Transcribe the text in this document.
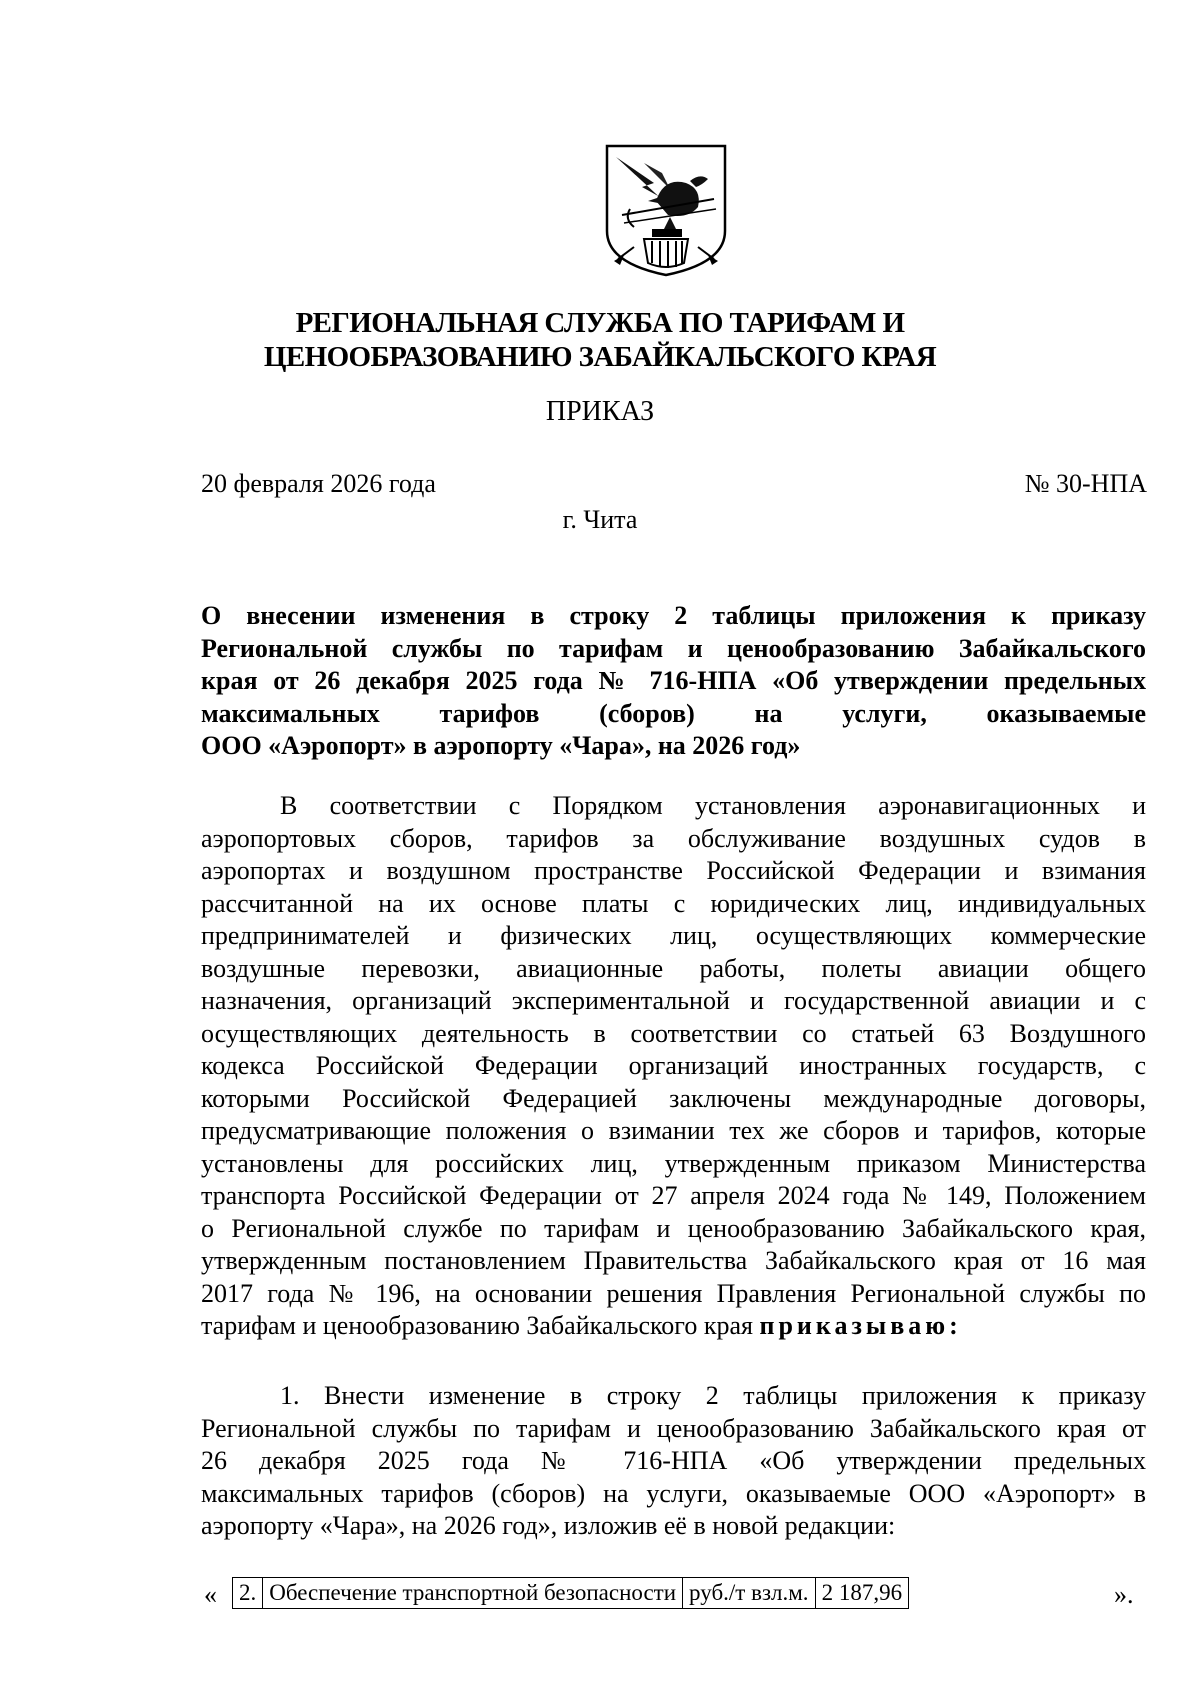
РЕГИОНАЛЬНАЯ СЛУЖБА ПО ТАРИФАМ И
ЦЕНООБРАЗОВАНИЮ ЗАБАЙКАЛЬСКОГО КРАЯ
ПРИКАЗ
20 февраля 2026 года	№ 30-НПА
г. Чита
О внесении изменения в строку 2 таблицы приложения к приказу
Региональной службы по тарифам и ценообразованию Забайкальского
края от 26 декабря 2025 года № 716-НПА «Об утверждении предельных
максимальных тарифов (сборов) на услуги, оказываемые
ООО «Аэропорт» в аэропорту «Чара», на 2026 год»
В соответствии с Порядком установления аэронавигационных и
аэропортовых сборов, тарифов за обслуживание воздушных судов в
аэропортах и воздушном пространстве Российской Федерации и взимания
рассчитанной на их основе платы с юридических лиц, индивидуальных
предпринимателей и физических лиц, осуществляющих коммерческие
воздушные перевозки, авиационные работы, полеты авиации общего
назначения, организаций экспериментальной и государственной авиации и с
осуществляющих деятельность в соответствии со статьей 63 Воздушного
кодекса Российской Федерации организаций иностранных государств, с
которыми Российской Федерацией заключены международные договоры,
предусматривающие положения о взимании тех же сборов и тарифов, которые
установлены для российских лиц, утвержденным приказом Министерства
транспорта Российской Федерации от 27 апреля 2024 года № 149, Положением
о Региональной службе по тарифам и ценообразованию Забайкальского края,
утвержденным постановлением Правительства Забайкальского края от 16 мая
2017 года № 196, на основании решения Правления Региональной службы по
тарифам и ценообразованию Забайкальского края приказываю:
1. Внести изменение в строку 2 таблицы приложения к приказу
Региональной службы по тарифам и ценообразованию Забайкальского края от
26 декабря 2025 года № 716-НПА «Об утверждении предельных
максимальных тарифов (сборов) на услуги, оказываемые ООО «Аэропорт» в
аэропорту «Чара», на 2026 год», изложив её в новой редакции:
« 2.	Обеспечение транспортной безопасности	руб./т взл.м.	2 187,96	».
